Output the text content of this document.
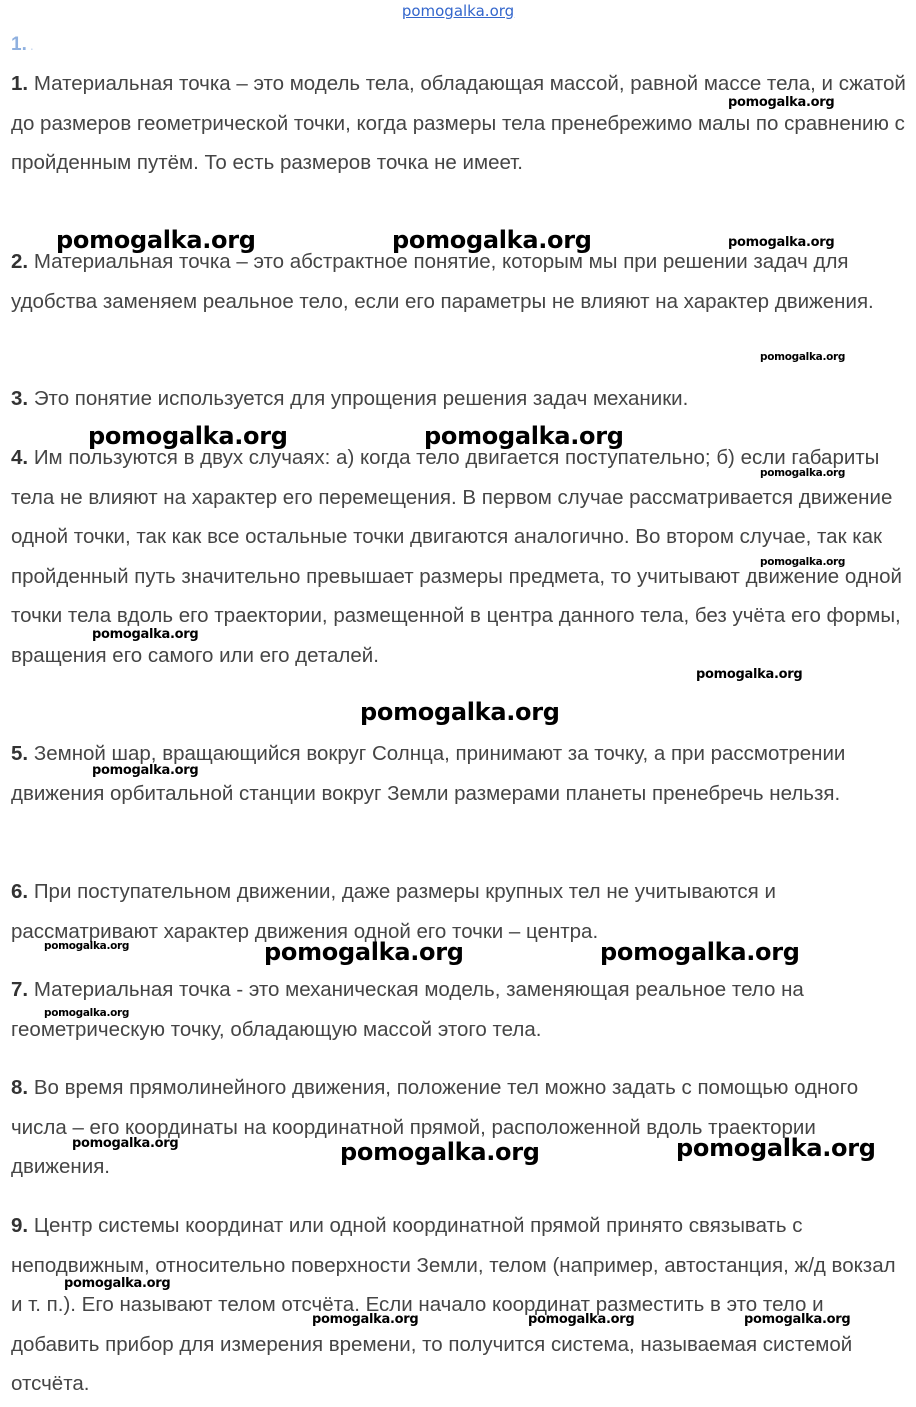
pomogalka.org
1. .

1. Материальная точка – это модель тела, обладающая массой, равной массе тела, и сжатой до размеров геометрической точки, когда размеры тела пренебрежимо малы по сравнению с пройденным путём. То есть размеров точка не имеет.

2. Материальная точка – это абстрактное понятие, которым мы при решении задач для удобства заменяем реальное тело, если его параметры не влияют на характер движения.

3. Это понятие используется для упрощения решения задач механики.

4. Им пользуются в двух случаях: а) когда тело двигается поступательно; б) если габариты тела не влияют на характер его перемещения. В первом случае рассматривается движение одной точки, так как все остальные точки двигаются аналогично. Во втором случае, так как пройденный путь значительно превышает размеры предмета, то учитывают движение одной точки тела вдоль его траектории, размещенной в центра данного тела, без учёта его формы, вращения его самого или его деталей.

5. Земной шар, вращающийся вокруг Солнца, принимают за точку, а при рассмотрении движения орбитальной станции вокруг Земли размерами планеты пренебречь нельзя.

6. При поступательном движении, даже размеры крупных тел не учитываются и рассматривают характер движения одной его точки – центра.

7. Материальная точка - это механическая модель, заменяющая реальное тело на геометрическую точку, обладающую массой этого тела.

8. Во время прямолинейного движения, положение тел можно задать с помощью одного числа – его координаты на координатной прямой, расположенной вдоль траектории движения.

9. Центр системы координат или одной координатной прямой принято связывать с неподвижным, относительно поверхности Земли, телом (например, автостанция, ж/д вокзал и т. п.). Его называют телом отсчёта. Если начало координат разместить в это тело и добавить прибор для измерения времени, то получится система, называемая системой отсчёта.

pomogalka.org
pomogalka.org	pomogalka.org	pomogalka.org
pomogalka.org
pomogalka.org	pomogalka.org
pomogalka.org
pomogalka.org
pomogalka.org
pomogalka.org
pomogalka.org
pomogalka.org
pomogalka.org	pomogalka.org	pomogalka.org
pomogalka.org
pomogalka.org	pomogalka.org	pomogalka.org
pomogalka.org
pomogalka.org	pomogalka.org	pomogalka.org
